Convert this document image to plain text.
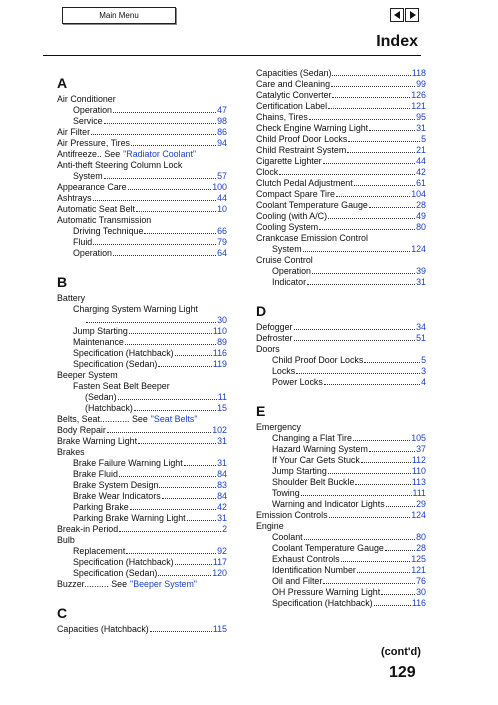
Main Menu
Index
A
Air Conditioner
Operation	47
Service	98
Air Filter	86
Air Pressure, Tires	94
Antifreeze.. See "Radiator Coolant"
Anti-theft Steering Column Lock
System	57
Appearance Care	100
Ashtrays	44
Automatic Seat Belt	10
Automatic Transmission
Driving Technique	66
Fluid	79
Operation	64
B
Battery
Charging System Warning Light
30
Jump Starting	110
Maintenance	89
Specification (Hatchback)	116
Specification (Sedan)	119
Beeper System
Fasten Seat Belt Beeper
(Sedan)	11
(Hatchback)	15
Belts, Seat............ See "Seat Belts"
Body Repair	102
Brake Warning Light	31
Brakes
Brake Failure Warning Light	31
Brake Fluid	84
Brake System Design	83
Brake Wear Indicators	84
Parking Brake	42
Parking Brake Warning Light	31
Break-in Period	2
Bulb
Replacement	92
Specification (Hatchback)	117
Specification (Sedan)	120
Buzzer.......... See "Beeper System"
C
Capacities (Hatchback)	115
Capacities (Sedan)	118
Care and Cleaning	99
Catalytic Converter	126
Certification Label	121
Chains, Tires	95
Check Engine Warning Light	31
Child Proof Door Locks	5
Child Restraint System	21
Cigarette Lighter	44
Clock	42
Clutch Pedal Adjustment	61
Compact Spare Tire	104
Coolant Temperature Gauge	28
Cooling (with A/C)	49
Cooling System	80
Crankcase Emission Control
System	124
Cruise Control
Operation	39
Indicator	31
D
Defogger	34
Defroster	51
Doors
Child Proof Door Locks	5
Locks	3
Power Locks	4
E
Emergency
Changing a Flat Tire	105
Hazard Warning System	37
If Your Car Gets Stuck	112
Jump Starting	110
Shoulder Belt Buckle	113
Towing	111
Warning and Indicator Lights	29
Emission Controls	124
Engine
Coolant	80
Coolant Temperature Gauge	28
Exhaust Controls	125
Identification Number	121
Oil and Filter	76
OH Pressure Warning Light	30
Specification (Hatchback)	116
(cont'd)
129
